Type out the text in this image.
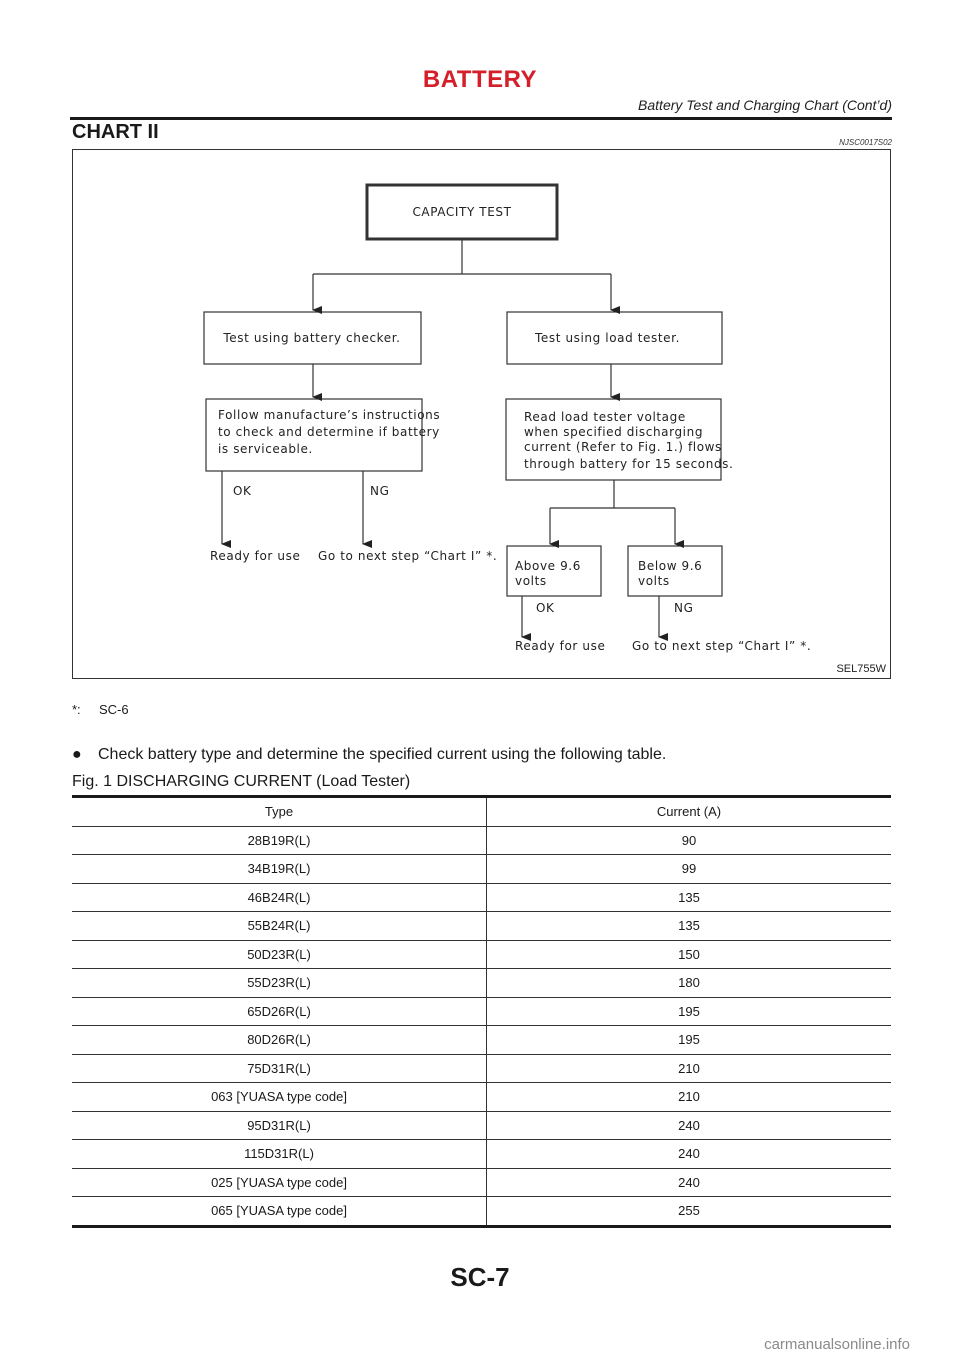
BATTERY
Battery Test and Charging Chart (Cont’d)
CHART II	NJSC0017S02
CAPACITY TEST
Test using battery checker.	Test using load tester.
Follow manufacture’s instructions
to check and determine if battery
is serviceable.
Read load tester voltage
when specified discharging
current (Refer to Fig. 1.) flows
through battery for 15 seconds.
OK	NG
Ready for use Go to next step “Chart I” *.
Above 9.6
volts
Below 9.6
volts
OK	NG
Ready for use Go to next step “Chart I” *.
SEL755W
*: SC-6
● Check battery type and determine the specified current using the following table.
Fig. 1 DISCHARGING CURRENT (Load Tester)
Type	Current (A)
28B19R(L)	90
34B19R(L)	99
46B24R(L)	135
55B24R(L)	135
50D23R(L)	150
55D23R(L)	180
65D26R(L)	195
80D26R(L)	195
75D31R(L)	210
063 [YUASA type code]	210
95D31R(L)	240
115D31R(L)	240
025 [YUASA type code]	240
065 [YUASA type code]	255
SC-7
carmanualsonline.info
